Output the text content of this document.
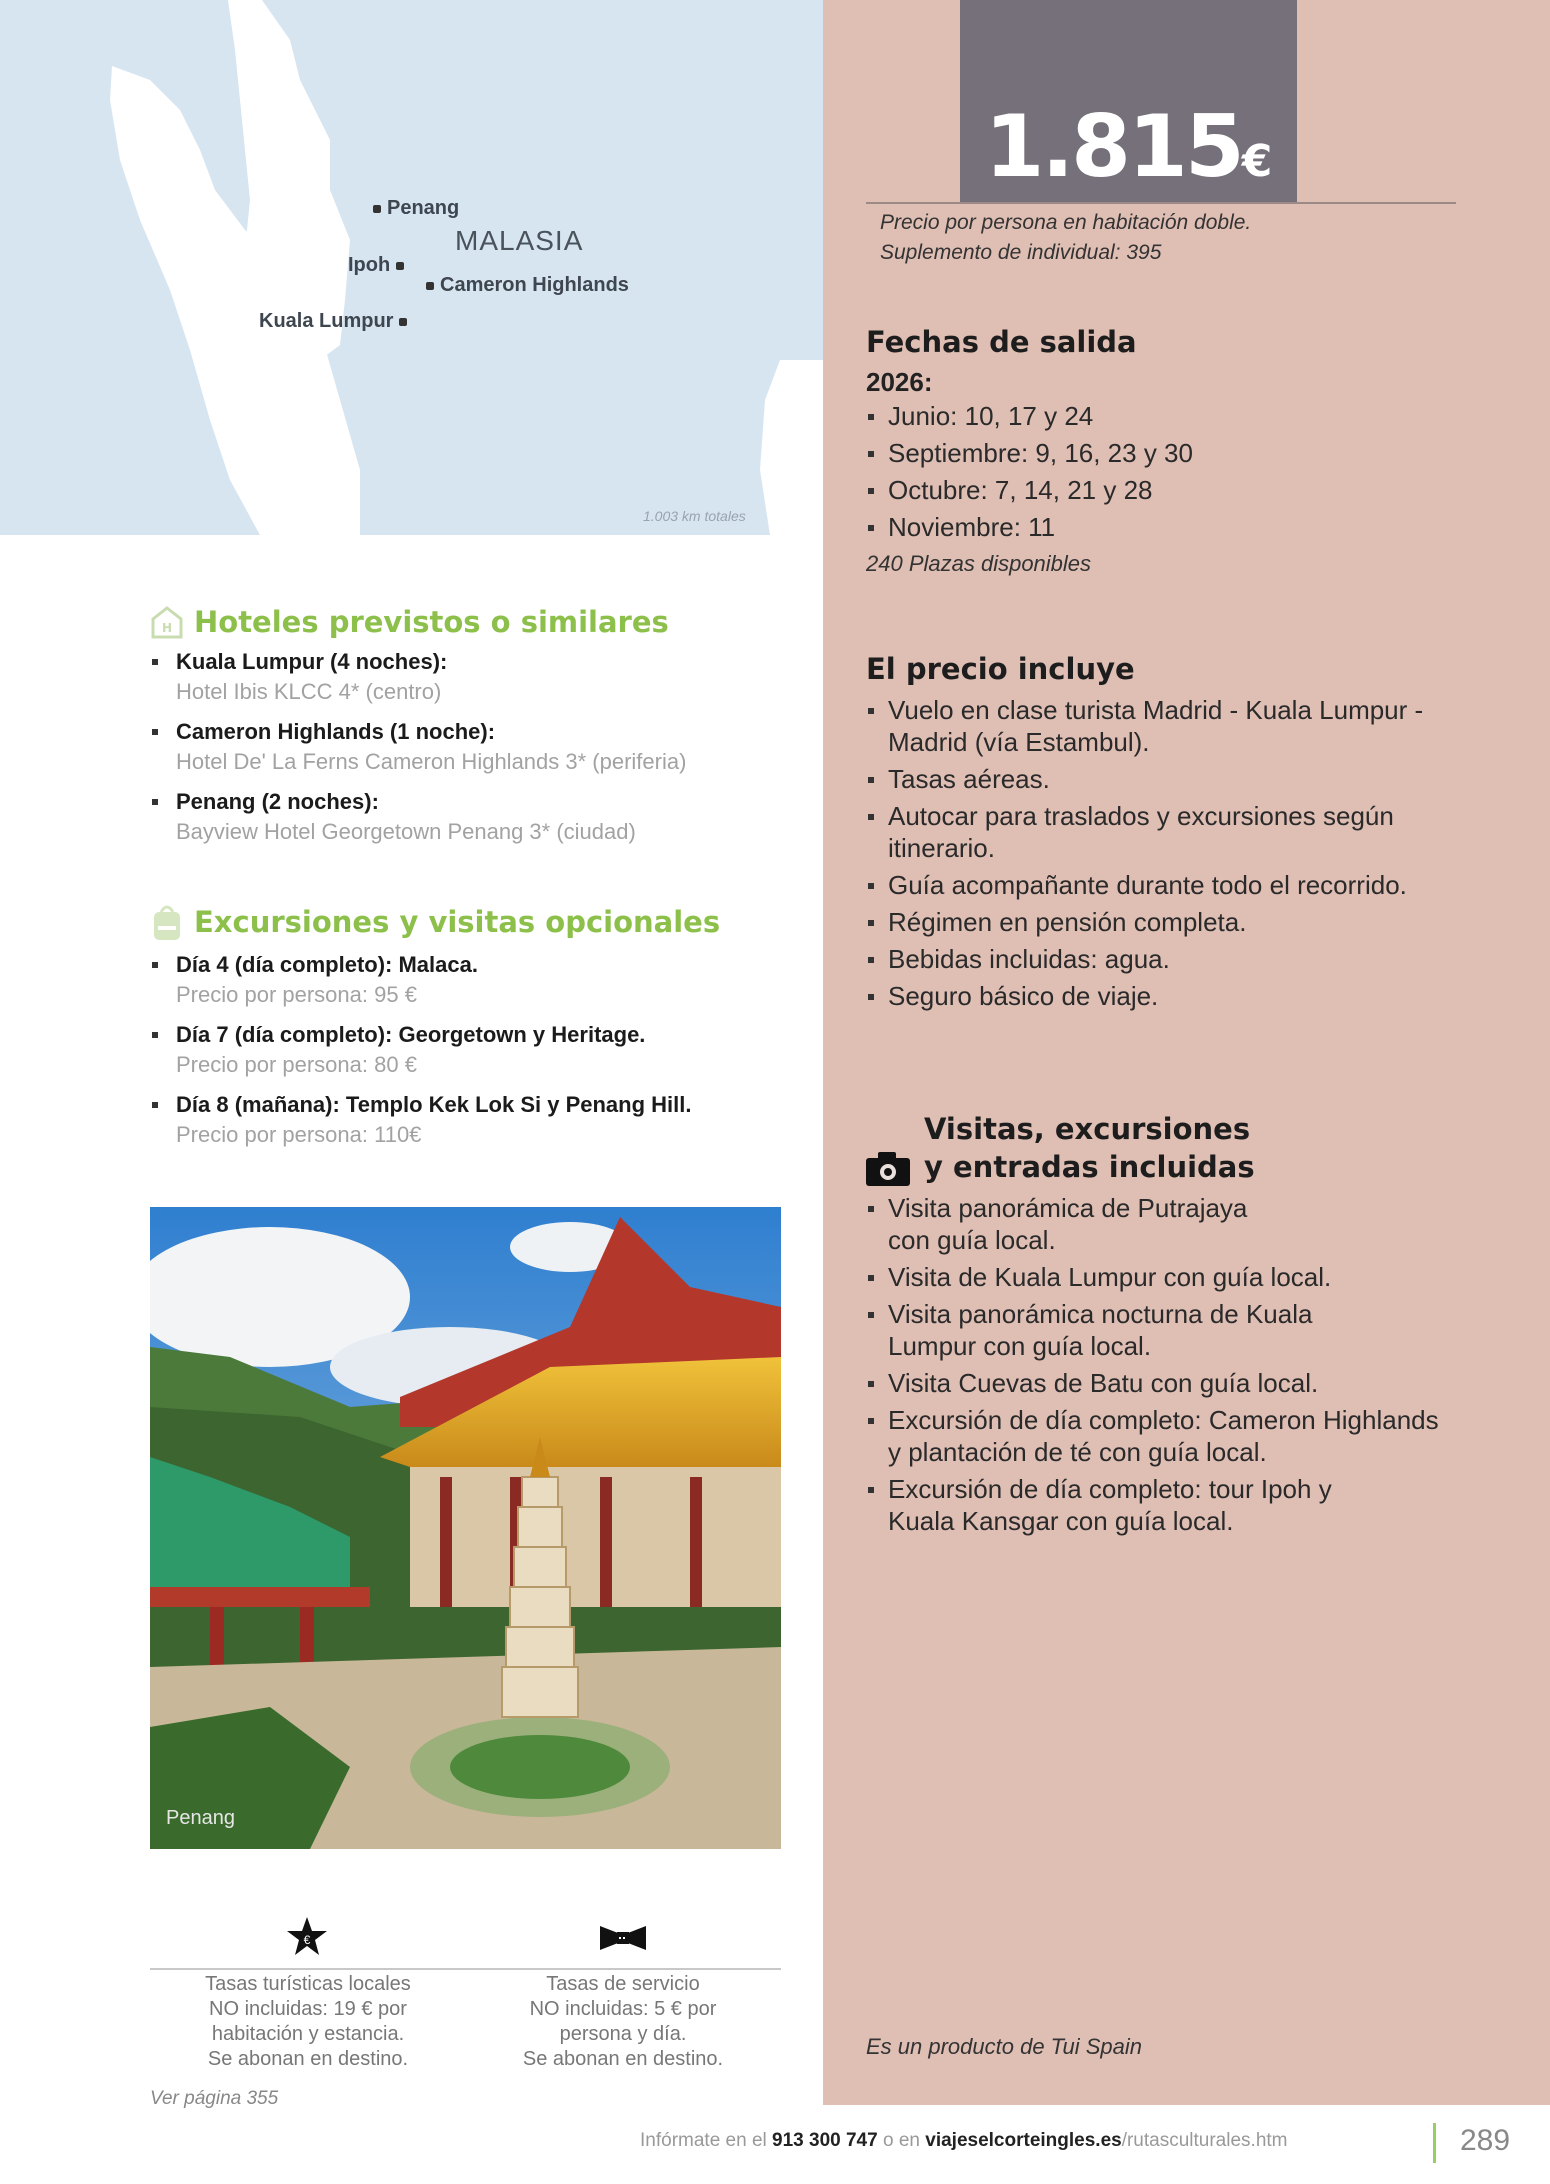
Penang
MALASIA
Ipoh
Cameron Highlands
Kuala Lumpur
1.003 km totales
1.815€
Precio por persona en habitación doble.
Suplemento de individual: 395
Fechas de salida
2026:
Junio: 10, 17 y 24
Septiembre: 9, 16, 23 y 30
Octubre: 7, 14, 21 y 28
Noviembre: 11
240 Plazas disponibles
El precio incluye
Vuelo en clase turista Madrid - Kuala Lumpur - Madrid (vía Estambul).
Tasas aéreas.
Autocar para traslados y excursiones según itinerario.
Guía acompañante durante todo el recorrido.
Régimen en pensión completa.
Bebidas incluidas: agua.
Seguro básico de viaje.
Visitas, excursiones
y entradas incluidas
Visita panorámica de Putrajaya con guía local.
Visita de Kuala Lumpur con guía local.
Visita panorámica nocturna de Kuala Lumpur con guía local.
Visita Cuevas de Batu con guía local.
Excursión de día completo: Cameron Highlands y plantación de té con guía local.
Excursión de día completo: tour Ipoh y Kuala Kansgar con guía local.
Es un producto de Tui Spain
H Hoteles previstos o similares
Kuala Lumpur (4 noches):
Hotel Ibis KLCC 4* (centro)
Cameron Highlands (1 noche):
Hotel De' La Ferns Cameron Highlands 3* (periferia)
Penang (2 noches):
Bayview Hotel Georgetown Penang 3* (ciudad)
Excursiones y visitas opcionales
Día 4 (día completo): Malaca.
Precio por persona: 95 €
Día 7 (día completo): Georgetown y Heritage.
Precio por persona: 80 €
Día 8 (mañana): Templo Kek Lok Si y Penang Hill.
Precio por persona: 110€
Penang
€
Tasas turísticas locales
NO incluidas: 19 € por
habitación y estancia.
Se abonan en destino.
Tasas de servicio
NO incluidas: 5 € por
persona y día.
Se abonan en destino.
Ver página 355
Infórmate en el 913 300 747 o en viajeselcorteingles.es/rutasculturales.htm	289
